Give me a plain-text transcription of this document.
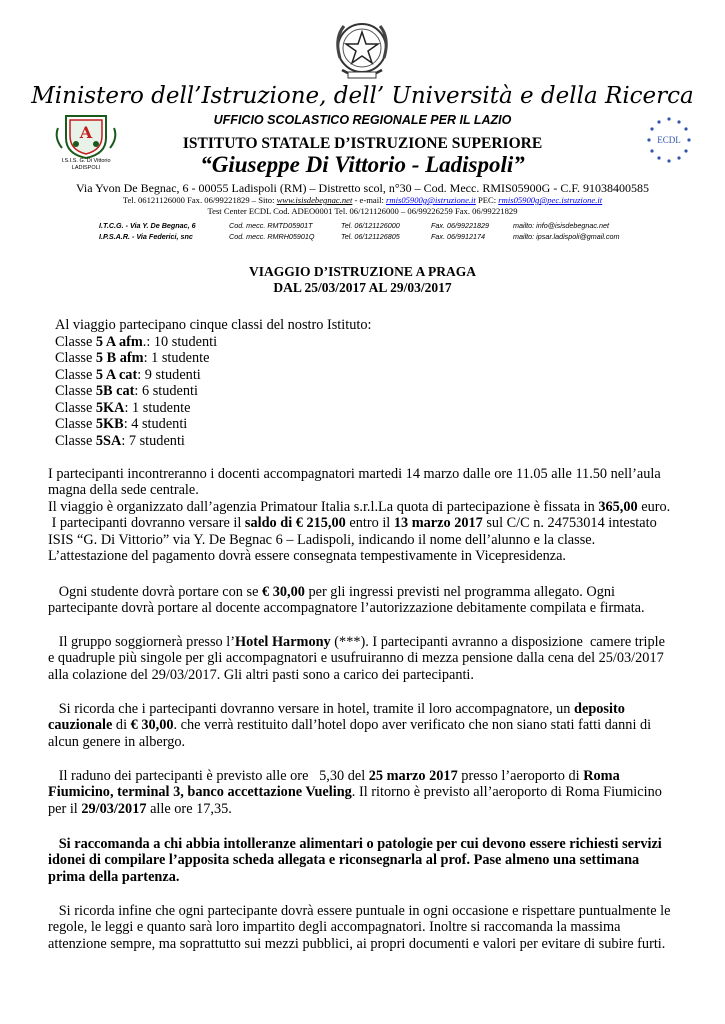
Ministero dell’Istruzione, dell’ Università e della Ricerca
UFFICIO SCOLASTICO REGIONALE PER IL LAZIO
A
I.S.I.S. G. Di Vittorio
LADISPOLI
ECDL
ISTITUTO STATALE D’ISTRUZIONE SUPERIORE
“Giuseppe Di Vittorio - Ladispoli”
Via Yvon De Begnac, 6 - 00055 Ladispoli (RM) – Distretto scol, n°30 – Cod. Mecc. RMIS05900G - C.F. 91038400585
Tel. 06121126000 Fax. 06/99221829 – Sito: www.isisdebegnac.net - e-mail: rmis05900g@istruzione.it PEC: rmis05900g@pec.istruzione.it
Test Center ECDL Cod. ADEO0001 Tel. 06/121126000 – 06/99226259 Fax. 06/99221829
I.T.C.G. - Via Y. De Begnac, 6	Cod. mecc. RMTD05901T	Tel. 06/121126000	Fax. 06/99221829	mailto: info@isisdebegnac.net
I.P.S.A.R. - Via Federici, snc	Cod. mecc. RMRH05901Q	Tel. 06/121126805	Fax. 06/9912174	mailto: ipsar.ladispoli@gmail.com
VIAGGIO D’ISTRUZIONE A PRAGA
DAL 25/03/2017 AL 29/03/2017
Al viaggio partecipano cinque classi del nostro Istituto:
Classe 5 A afm.: 10 studenti
Classe 5 B afm: 1 studente
Classe 5 A cat: 9 studenti
Classe 5B cat: 6 studenti
Classe 5KA: 1 studente
Classe 5KB: 4 studenti
Classe 5SA: 7 studenti
I partecipanti incontreranno i docenti accompagnatori martedi 14 marzo dalle ore 11.05 alle 11.50 nell’aula
magna della sede centrale.
Il viaggio è organizzato dall’agenzia Primatour Italia s.r.l.La quota di partecipazione è fissata in 365,00 euro.
I partecipanti dovranno versare il saldo di € 215,00 entro il 13 marzo 2017 sul C/C n. 24753014 intestato
ISIS “G. Di Vittorio” via Y. De Begnac 6 – Ladispoli, indicando il nome dell’alunno e la classe.
L’attestazione del pagamento dovrà essere consegnata tempestivamente in Vicepresidenza.
Ogni studente dovrà portare con se € 30,00 per gli ingressi previsti nel programma allegato. Ogni
partecipante dovrà portare al docente accompagnatore l’autorizzazione debitamente compilata e firmata.
Il gruppo soggiornerà presso l’Hotel Harmony (***). I partecipanti avranno a disposizione  camere triple
e quadruple più singole per gli accompagnatori e usufruiranno di mezza pensione dalla cena del 25/03/2017
alla colazione del 29/03/2017. Gli altri pasti sono a carico dei partecipanti.
Si ricorda che i partecipanti dovranno versare in hotel, tramite il loro accompagnatore, un deposito
cauzionale di € 30,00. che verrà restituito dall’hotel dopo aver verificato che non siano stati fatti danni di
alcun genere in albergo.
Il raduno dei partecipanti è previsto alle ore   5,30 del 25 marzo 2017 presso l’aeroporto di Roma
Fiumicino, terminal 3, banco accettazione Vueling. Il ritorno è previsto all’aeroporto di Roma Fiumicino
per il 29/03/2017 alle ore 17,35.
Si raccomanda a chi abbia intolleranze alimentari o patologie per cui devono essere richiesti servizi
idonei di compilare l’apposita scheda allegata e riconsegnarla al prof. Pase almeno una settimana
prima della partenza.
Si ricorda infine che ogni partecipante dovrà essere puntuale in ogni occasione e rispettare puntualmente le
regole, le leggi e quanto sarà loro impartito degli accompagnatori. Inoltre si raccomanda la massima
attenzione sempre, ma soprattutto sui mezzi pubblici, ai propri documenti e valori per evitare di subire furti.
